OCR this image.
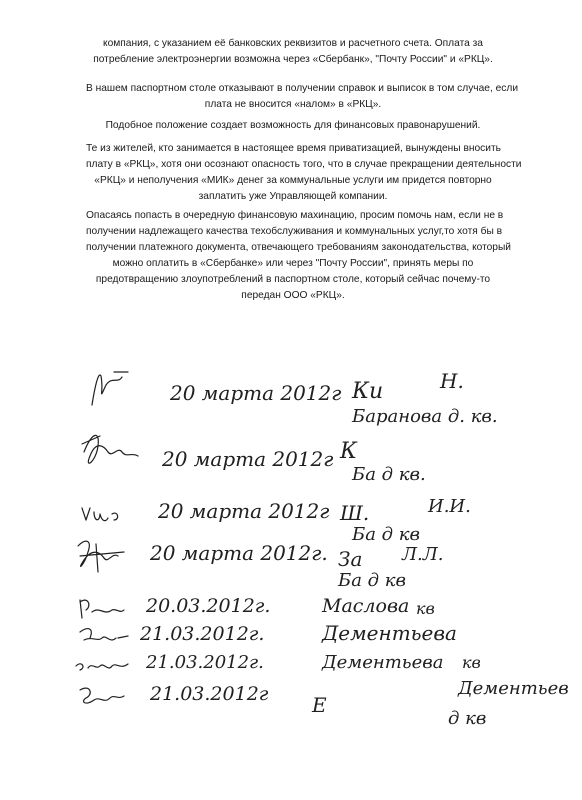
компания, с указанием её банковских реквизитов и расчетного счета. Оплата за
потребление электроэнергии возможна через «Сбербанк», "Почту России" и «РКЦ».

В нашем паспортном столе отказывают в получении справок и выписок в том случае, если
плата не вносится «налом» в «РКЦ».

Подобное положение создает возможность для финансовых правонарушений.

Те из жителей, кто занимается в настоящее время приватизацией, вынуждены вносить
плату в «РКЦ», хотя они осознают опасность того, что в случае прекращении деятельности
«РКЦ» и неполучения «МИК» денег за коммунальные услуги им придется повторно
заплатить уже Управляющей компании.

Опасаясь попасть в очередную финансовую махинацию, просим помочь нам, если не в
получении надлежащего качества техобслуживания и коммунальных услуг,то хотя бы в
получении платежного документа, отвечающего требованиям законодательства, который
можно оплатить в «Сбербанке» или через "Почту России", принять меры по
предотвращению злоупотреблений в паспортном столе, который сейчас почему-то
передан ООО «РКЦ».

20 марта 2012г Ки	Н.
Баранова д. кв.
20 марта 2012г К
Ба д кв.
20 марта 2012г Ш.	И.И.
Ба д кв
20 марта 2012г. За Л.Л.
Ба д кв
20.03.2012г.	Маслова кв
21.03.2012г.	Дементьева
21.03.2012г.	Дементьева кв
21.03.2012г Е
Дементьев
д кв
